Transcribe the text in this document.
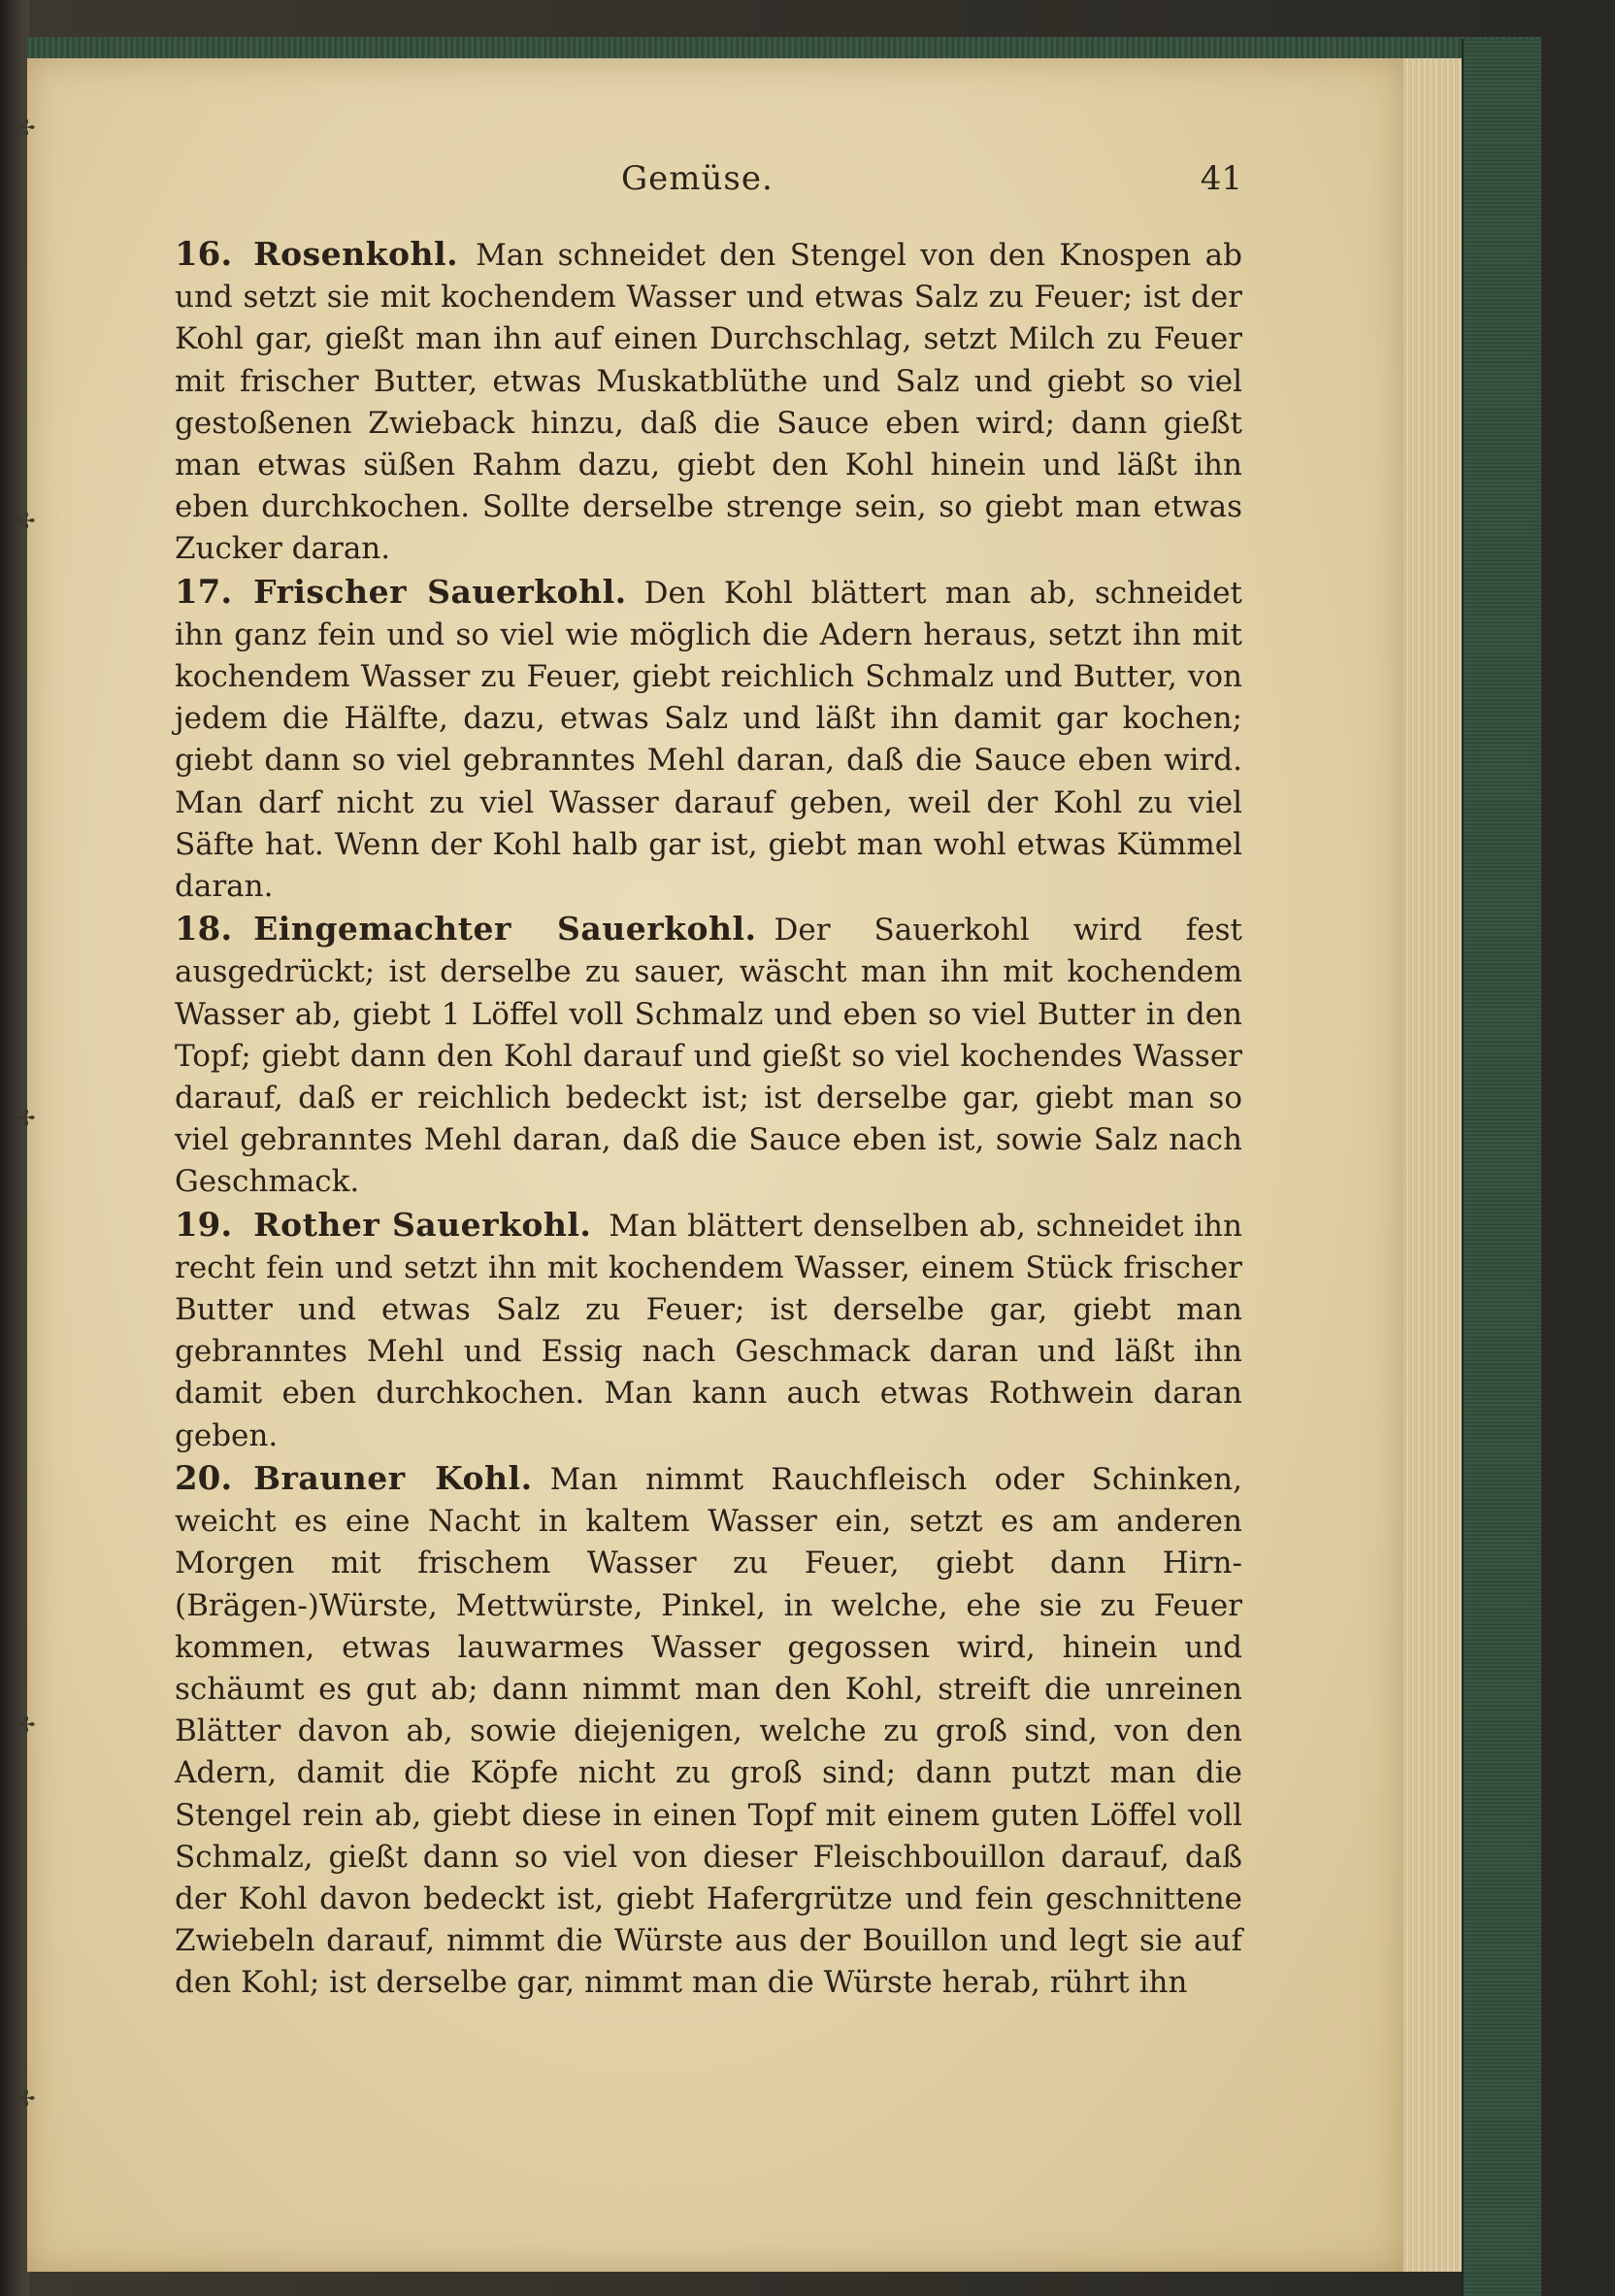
✢
✢
✢
✢
✢
Gemüse.	41

16. Rosenkohl. Man schneidet den Stengel von den Knospen ab und setzt sie mit kochendem Wasser und etwas Salz zu Feuer; ist der Kohl gar, gießt man ihn auf einen Durchschlag, setzt Milch zu Feuer mit frischer Butter, etwas Muskatblüthe und Salz und giebt so viel gestoßenen Zwieback hinzu, daß die Sauce eben wird; dann gießt man etwas süßen Rahm dazu, giebt den Kohl hinein und läßt ihn eben durchkochen. Sollte derselbe strenge sein, so giebt man etwas Zucker daran.

17. Frischer Sauerkohl. Den Kohl blättert man ab, schneidet ihn ganz fein und so viel wie möglich die Adern heraus, setzt ihn mit kochendem Wasser zu Feuer, giebt reichlich Schmalz und Butter, von jedem die Hälfte, dazu, etwas Salz und läßt ihn damit gar kochen; giebt dann so viel gebranntes Mehl daran, daß die Sauce eben wird. Man darf nicht zu viel Wasser darauf geben, weil der Kohl zu viel Säfte hat. Wenn der Kohl halb gar ist, giebt man wohl etwas Kümmel daran.

18. Eingemachter Sauerkohl. Der Sauerkohl wird fest ausgedrückt; ist derselbe zu sauer, wäscht man ihn mit kochendem Wasser ab, giebt 1 Löffel voll Schmalz und eben so viel Butter in den Topf; giebt dann den Kohl darauf und gießt so viel kochendes Wasser darauf, daß er reichlich bedeckt ist; ist derselbe gar, giebt man so viel gebranntes Mehl daran, daß die Sauce eben ist, sowie Salz nach Geschmack.

19. Rother Sauerkohl. Man blättert denselben ab, schneidet ihn recht fein und setzt ihn mit kochendem Wasser, einem Stück frischer Butter und etwas Salz zu Feuer; ist derselbe gar, giebt man gebranntes Mehl und Essig nach Geschmack daran und läßt ihn damit eben durchkochen. Man kann auch etwas Rothwein daran geben.

20. Brauner Kohl. Man nimmt Rauchfleisch oder Schinken, weicht es eine Nacht in kaltem Wasser ein, setzt es am anderen Morgen mit frischem Wasser zu Feuer, giebt dann Hirn-(Brägen-)Würste, Mettwürste, Pinkel, in welche, ehe sie zu Feuer kommen, etwas lauwarmes Wasser gegossen wird, hinein und schäumt es gut ab; dann nimmt man den Kohl, streift die unreinen Blätter davon ab, sowie diejenigen, welche zu groß sind, von den Adern, damit die Köpfe nicht zu groß sind; dann putzt man die Stengel rein ab, giebt diese in einen Topf mit einem guten Löffel voll Schmalz, gießt dann so viel von dieser Fleischbouillon darauf, daß der Kohl davon bedeckt ist, giebt Hafergrütze und fein geschnittene Zwiebeln darauf, nimmt die Würste aus der Bouillon und legt sie auf den Kohl; ist derselbe gar, nimmt man die Würste herab, rührt ihn
